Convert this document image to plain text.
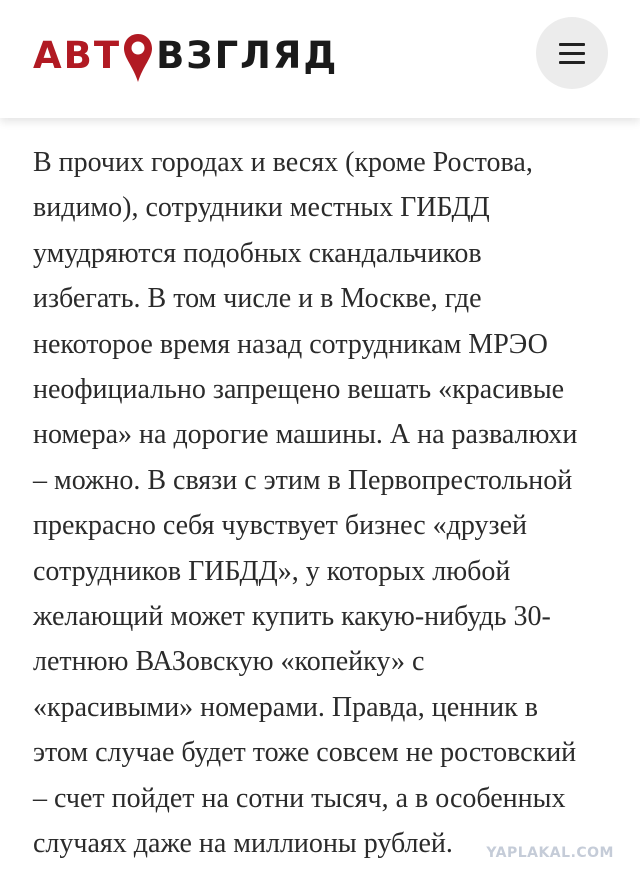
АВТ ВЗГЛЯД
В прочих городах и весях (кроме Ростова,
видимо), сотрудники местных ГИБДД
умудряются подобных скандальчиков
избегать. В том числе и в Москве, где
некоторое время назад сотрудникам МРЭО
неофициально запрещено вешать «красивые
номера» на дорогие машины. А на развалюхи
– можно. В связи с этим в Первопрестольной
прекрасно себя чувствует бизнес «друзей
сотрудников ГИБДД», у которых любой
желающий может купить какую-нибудь 30-
летнюю ВАЗовскую «копейку» с
«красивыми» номерами. Правда, ценник в
этом случае будет тоже совсем не ростовский
– счет пойдет на сотни тысяч, а в особенных
случаях даже на миллионы рублей.	YAPLAKAL.COM
